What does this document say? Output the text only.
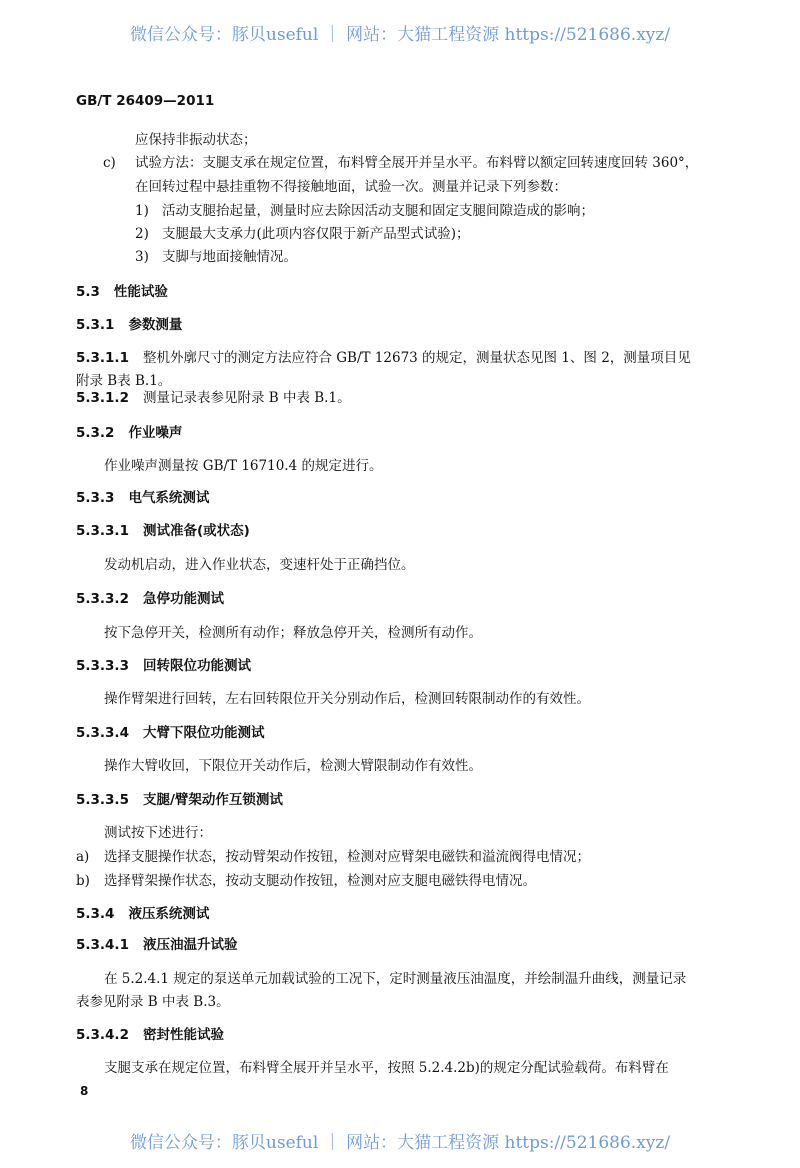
微信公众号：豚贝useful ｜ 网站：大猫工程资源 https://521686.xyz/
GB/T 26409—2011
应保持非振动状态；
c) 试验方法：支腿支承在规定位置，布料臂全展开并呈水平。布料臂以额定回转速度回转 360°，
在回转过程中悬挂重物不得接触地面，试验一次。测量并记录下列参数：
1) 活动支腿抬起量，测量时应去除因活动支腿和固定支腿间隙造成的影响；
2) 支腿最大支承力(此项内容仅限于新产品型式试验)；
3) 支脚与地面接触情况。
5.3 性能试验
5.3.1 参数测量
5.3.1.1 整机外廓尺寸的测定方法应符合 GB/T 12673 的规定，测量状态见图 1、图 2，测量项目见
附录 B表 B.1。
5.3.1.2 测量记录表参见附录 B 中表 B.1。
5.3.2 作业噪声
作业噪声测量按 GB/T 16710.4 的规定进行。
5.3.3 电气系统测试
5.3.3.1 测试准备(或状态)
发动机启动，进入作业状态，变速杆处于正确挡位。
5.3.3.2 急停功能测试
按下急停开关，检测所有动作；释放急停开关，检测所有动作。
5.3.3.3 回转限位功能测试
操作臂架进行回转，左右回转限位开关分别动作后，检测回转限制动作的有效性。
5.3.3.4 大臂下限位功能测试
操作大臂收回，下限位开关动作后，检测大臂限制动作有效性。
5.3.3.5 支腿/臂架动作互锁测试
测试按下述进行：
a) 选择支腿操作状态，按动臂架动作按钮，检测对应臂架电磁铁和溢流阀得电情况；
b) 选择臂架操作状态，按动支腿动作按钮，检测对应支腿电磁铁得电情况。
5.3.4 液压系统测试
5.3.4.1 液压油温升试验
在 5.2.4.1 规定的泵送单元加载试验的工况下，定时测量液压油温度，并绘制温升曲线，测量记录
表参见附录 B 中表 B.3。
5.3.4.2 密封性能试验
支腿支承在规定位置，布料臂全展开并呈水平，按照 5.2.4.2b)的规定分配试验载荷。布料臂在
8
微信公众号：豚贝useful ｜ 网站：大猫工程资源 https://521686.xyz/
